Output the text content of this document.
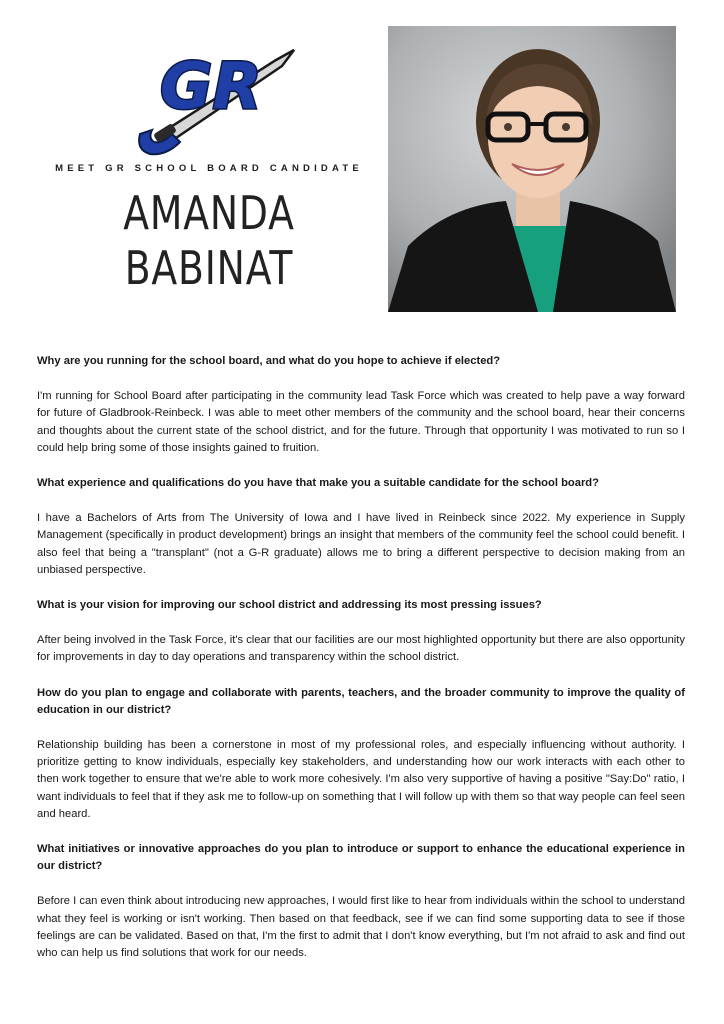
GR
MEET GR SCHOOL BOARD CANDIDATE
AMANDA
BABINAT

Why are you running for the school board, and what do you hope to achieve if elected?

I'm running for School Board after participating in the community lead Task Force which was created to help pave a way forward for future of Gladbrook-Reinbeck. I was able to meet other members of the community and the school board, hear their concerns and thoughts about the current state of the school district, and for the future. Through that opportunity I was motivated to run so I could help bring some of those insights gained to fruition.

What experience and qualifications do you have that make you a suitable candidate for the school board?

I have a Bachelors of Arts from The University of Iowa and I have lived in Reinbeck since 2022. My experience in Supply Management (specifically in product development) brings an insight that members of the community feel the school could benefit. I also feel that being a "transplant" (not a G-R graduate) allows me to bring a different perspective to decision making from an unbiased perspective.

What is your vision for improving our school district and addressing its most pressing issues?

After being involved in the Task Force, it's clear that our facilities are our most highlighted opportunity but there are also opportunity for improvements in day to day operations and transparency within the school district.

How do you plan to engage and collaborate with parents, teachers, and the broader community to improve the quality of education in our district?

Relationship building has been a cornerstone in most of my professional roles, and especially influencing without authority. I prioritize getting to know individuals, especially key stakeholders, and understanding how our work interacts with each other to then work together to ensure that we're able to work more cohesively. I'm also very supportive of having a positive "Say:Do" ratio, I want individuals to feel that if they ask me to follow-up on something that I will follow up with them so that way people can feel seen and heard.

What initiatives or innovative approaches do you plan to introduce or support to enhance the educational experience in our district?

Before I can even think about introducing new approaches, I would first like to hear from individuals within the school to understand what they feel is working or isn't working. Then based on that feedback, see if we can find some supporting data to see if those feelings are can be validated. Based on that, I'm the first to admit that I don't know everything, but I'm not afraid to ask and find out who can help us find solutions that work for our needs.
